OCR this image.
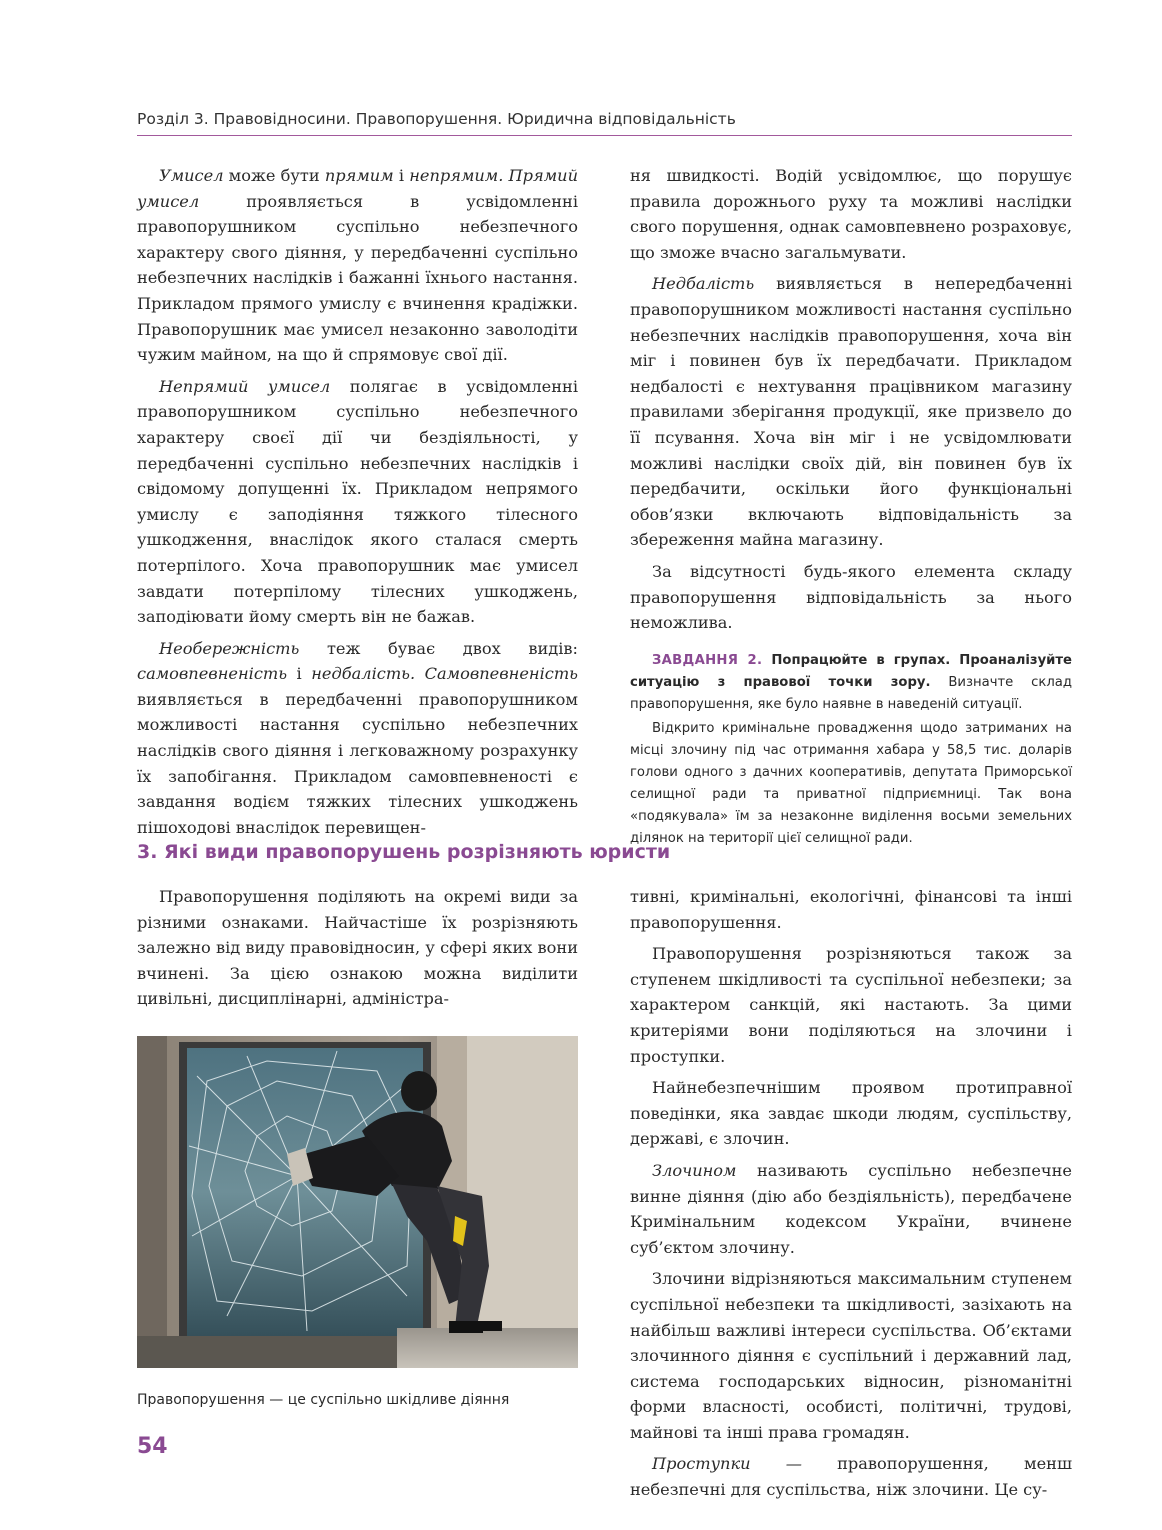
Розділ 3. Правовідносини. Правопорушення. Юридична відповідальність

Умисел може бути прямим і непрямим. Прямий умисел проявляється в усвідомленні правопорушником суспільно небезпечного характеру свого діяння, у передбаченні суспільно небезпечних наслідків і бажанні їхнього настання. Прикладом прямого умислу є вчинення крадіжки. Правопорушник має умисел незаконно заволодіти чужим майном, на що й спрямовує свої дії.

Непрямий умисел полягає в усвідомленні правопорушником суспільно небезпечного характеру своєї дії чи бездіяльності, у передбаченні суспільно небезпечних наслідків і свідомому допущенні їх. Прикладом непрямого умислу є заподіяння тяжкого тілесного ушкодження, внаслідок якого сталася смерть потерпілого. Хоча правопорушник має умисел завдати потерпілому тілесних ушкоджень, заподіювати йому смерть він не бажав.

Необережність теж буває двох видів: самовпевненість і недбалість. Самовпевненість виявляється в передбаченні правопорушником можливості настання суспільно небезпечних наслідків свого діяння і легковажному розрахунку їх запобігання. Прикладом самовпевненості є завдання водієм тяжких тілесних ушкоджень пішоходові внаслідок перевищен-

ня швидкості. Водій усвідомлює, що порушує правила дорожнього руху та можливі наслідки свого порушення, однак самовпевнено розраховує, що зможе вчасно загальмувати.

Недбалість виявляється в непередбаченні правопорушником можливості настання суспільно небезпечних наслідків правопорушення, хоча він міг і повинен був їх передбачати. Прикладом недбалості є нехтування працівником магазину правилами зберігання продукції, яке призвело до її псування. Хоча він міг і не усвідомлювати можливі наслідки своїх дій, він повинен був їх передбачити, оскільки його функціональні обов’язки включають відповідальність за збереження майна магазину.

За відсутності будь-якого елемента складу правопорушення відповідальність за нього неможлива.

ЗАВДАННЯ 2. Попрацюйте в групах. Проаналізуйте ситуацію з правової точки зору. Визначте склад правопорушення, яке було наявне в наведеній ситуації.

Відкрито кримінальне провадження щодо затриманих на місці злочину під час отримання хабара у 58,5 тис. доларів голови одного з дачних кооперативів, депутата Приморської селищної ради та приватної підприємниці. Так вона «подякувала» їм за незаконне виділення восьми земельних ділянок на території цієї селищної ради.

3. Які види правопорушень розрізняють юристи

Правопорушення поділяють на окремі види за різними ознаками. Найчастіше їх розрізняють залежно від виду правовідносин, у сфері яких вони вчинені. За цією ознакою можна виділити цивільні, дисциплінарні, адміністра-

тивні, кримінальні, екологічні, фінансові та інші правопорушення.

Правопорушення розрізняються також за ступенем шкідливості та суспільної небезпеки; за характером санкцій, які настають. За цими критеріями вони поділяються на злочини і проступки.

Найнебезпечнішим проявом протиправної поведінки, яка завдає шкоди людям, суспільству, державі, є злочин.

Злочином називають суспільно небезпечне винне діяння (дію або бездіяльність), передбачене Кримінальним кодексом України, вчинене суб’єктом злочину.

Злочини відрізняються максимальним ступенем суспільної небезпеки та шкідливості, зазіхають на найбільш важливі інтереси суспільства. Об’єктами злочинного діяння є суспільний і державний лад, система господарських відносин, різноманітні форми власності, особисті, політичні, трудові, майнові та інші права громадян.

Проступки — правопорушення, менш небезпечні для суспільства, ніж злочини. Це су-

Правопорушення — це суспільно шкідливе діяння
54
